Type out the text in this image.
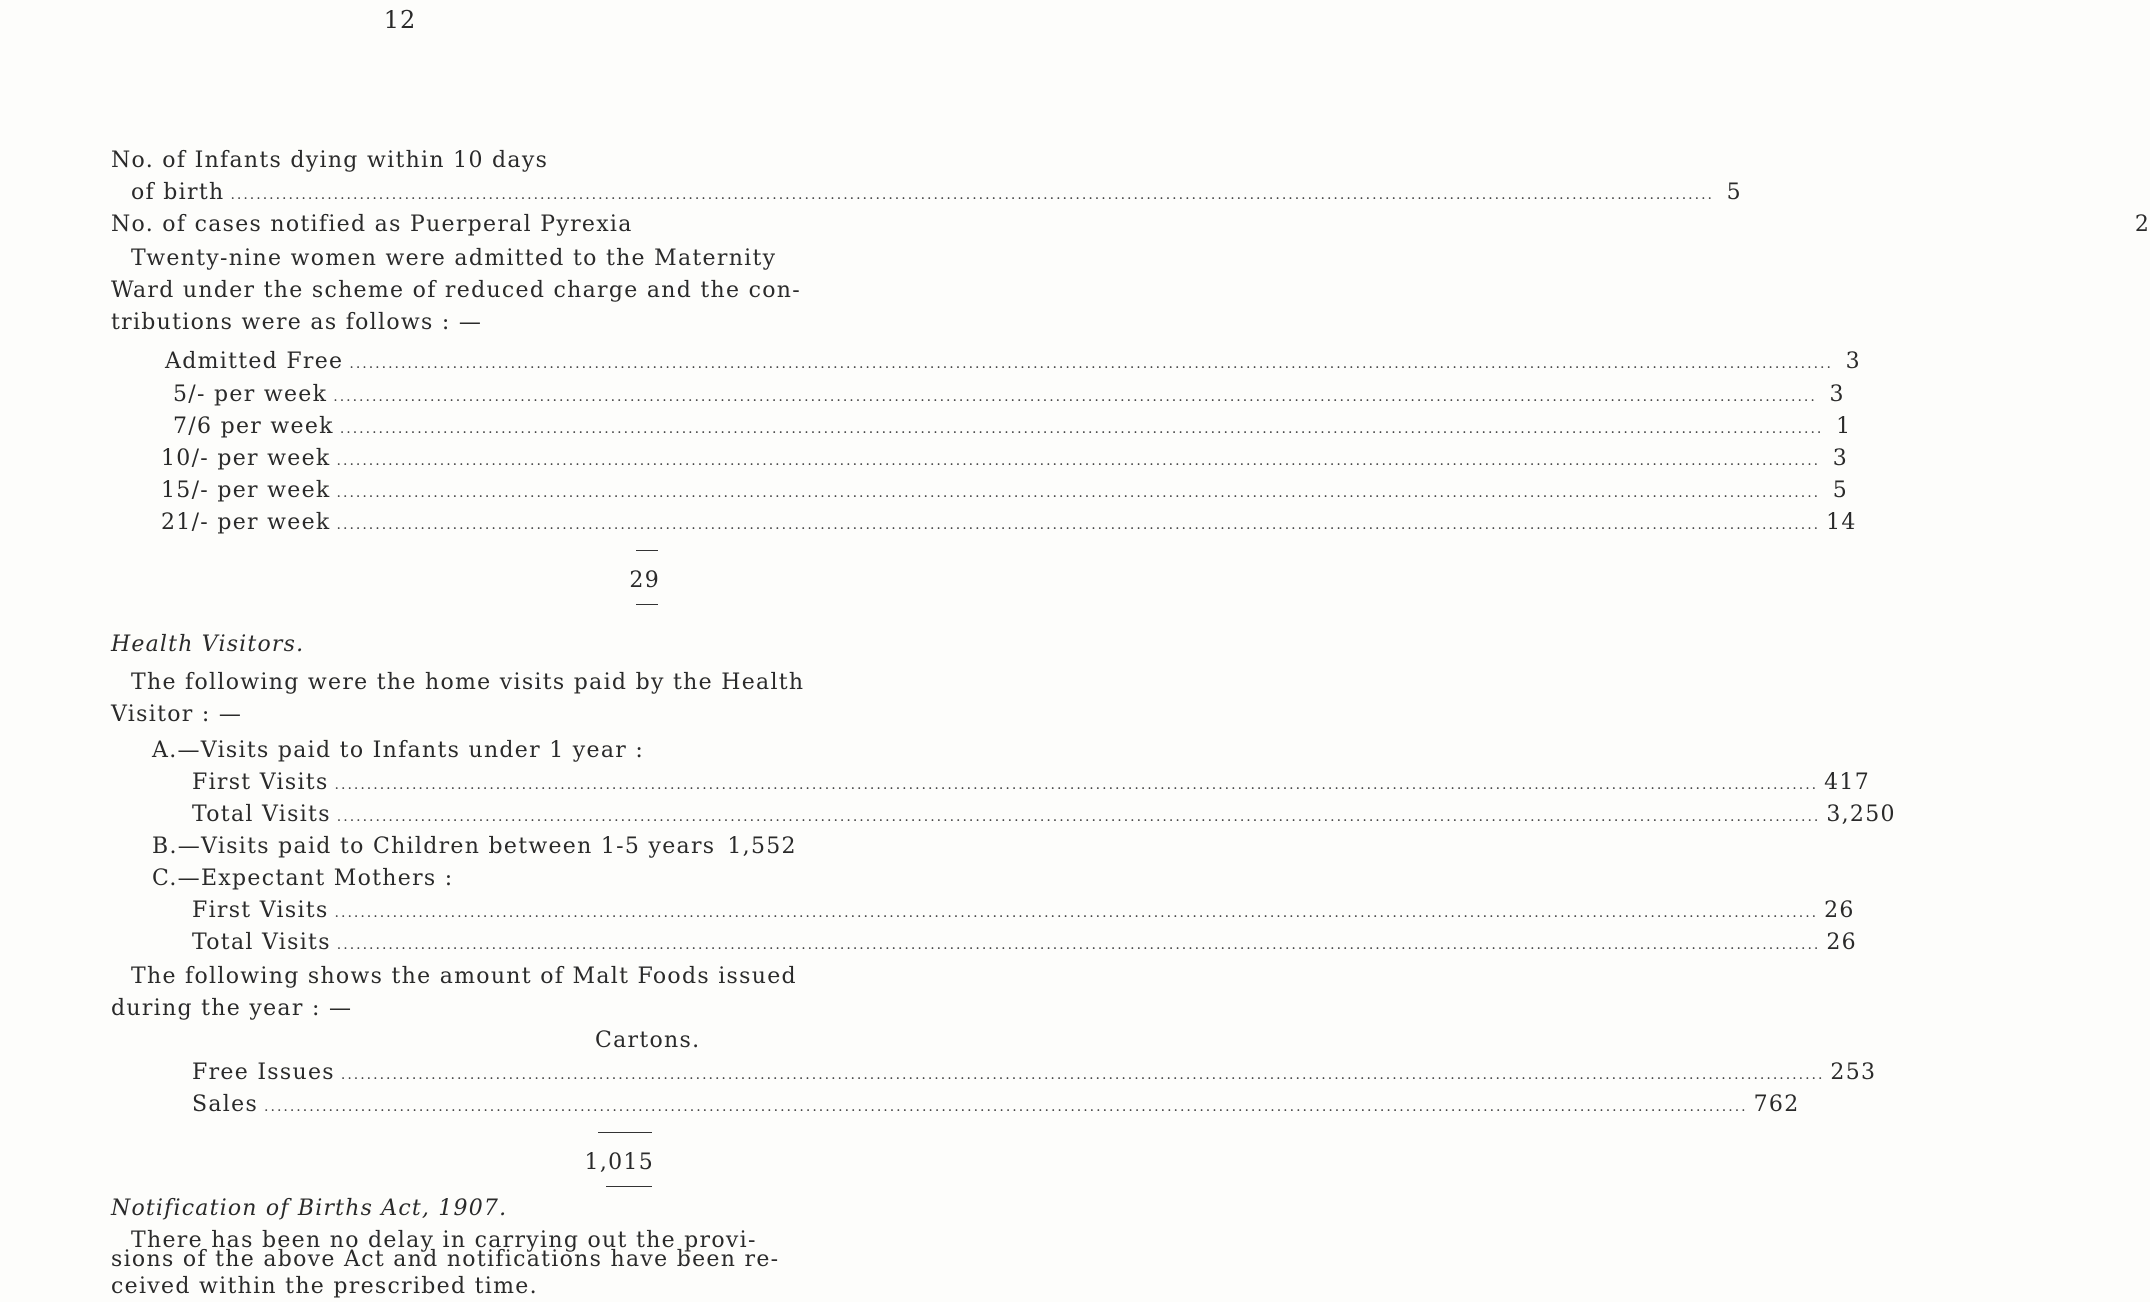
12
No. of Infants dying within 10 days
of birth .....	5
No. of cases notified as Puerperal Pyrexia	2
Twenty-nine women were admitted to the Maternity
Ward under the scheme of reduced charge and the con-
tributions were as follows : —
Admitted Free .....	3
5/- per week .....	3
7/6 per week .....	1
10/- per week .....	3
15/- per week .....	5
21/- per week .....	14
29
Health Visitors.
The following were the home visits paid by the Health
Visitor : —
A.—Visits paid to Infants under 1 year :
First Visits .....	417
Total Visits .....	3,250
B.—Visits paid to Children between 1-5 years 1,552
C.—Expectant Mothers :
First Visits .....	26
Total Visits .....	26
The following shows the amount of Malt Foods issued
during the year : —
Cartons.
Free Issues .....	253
Sales .....	762
1,015
Notification of Births Act, 1907.
There has been no delay in carrying out the provi-
sions of the above Act and notifications have been re-
ceived within the prescribed time.
